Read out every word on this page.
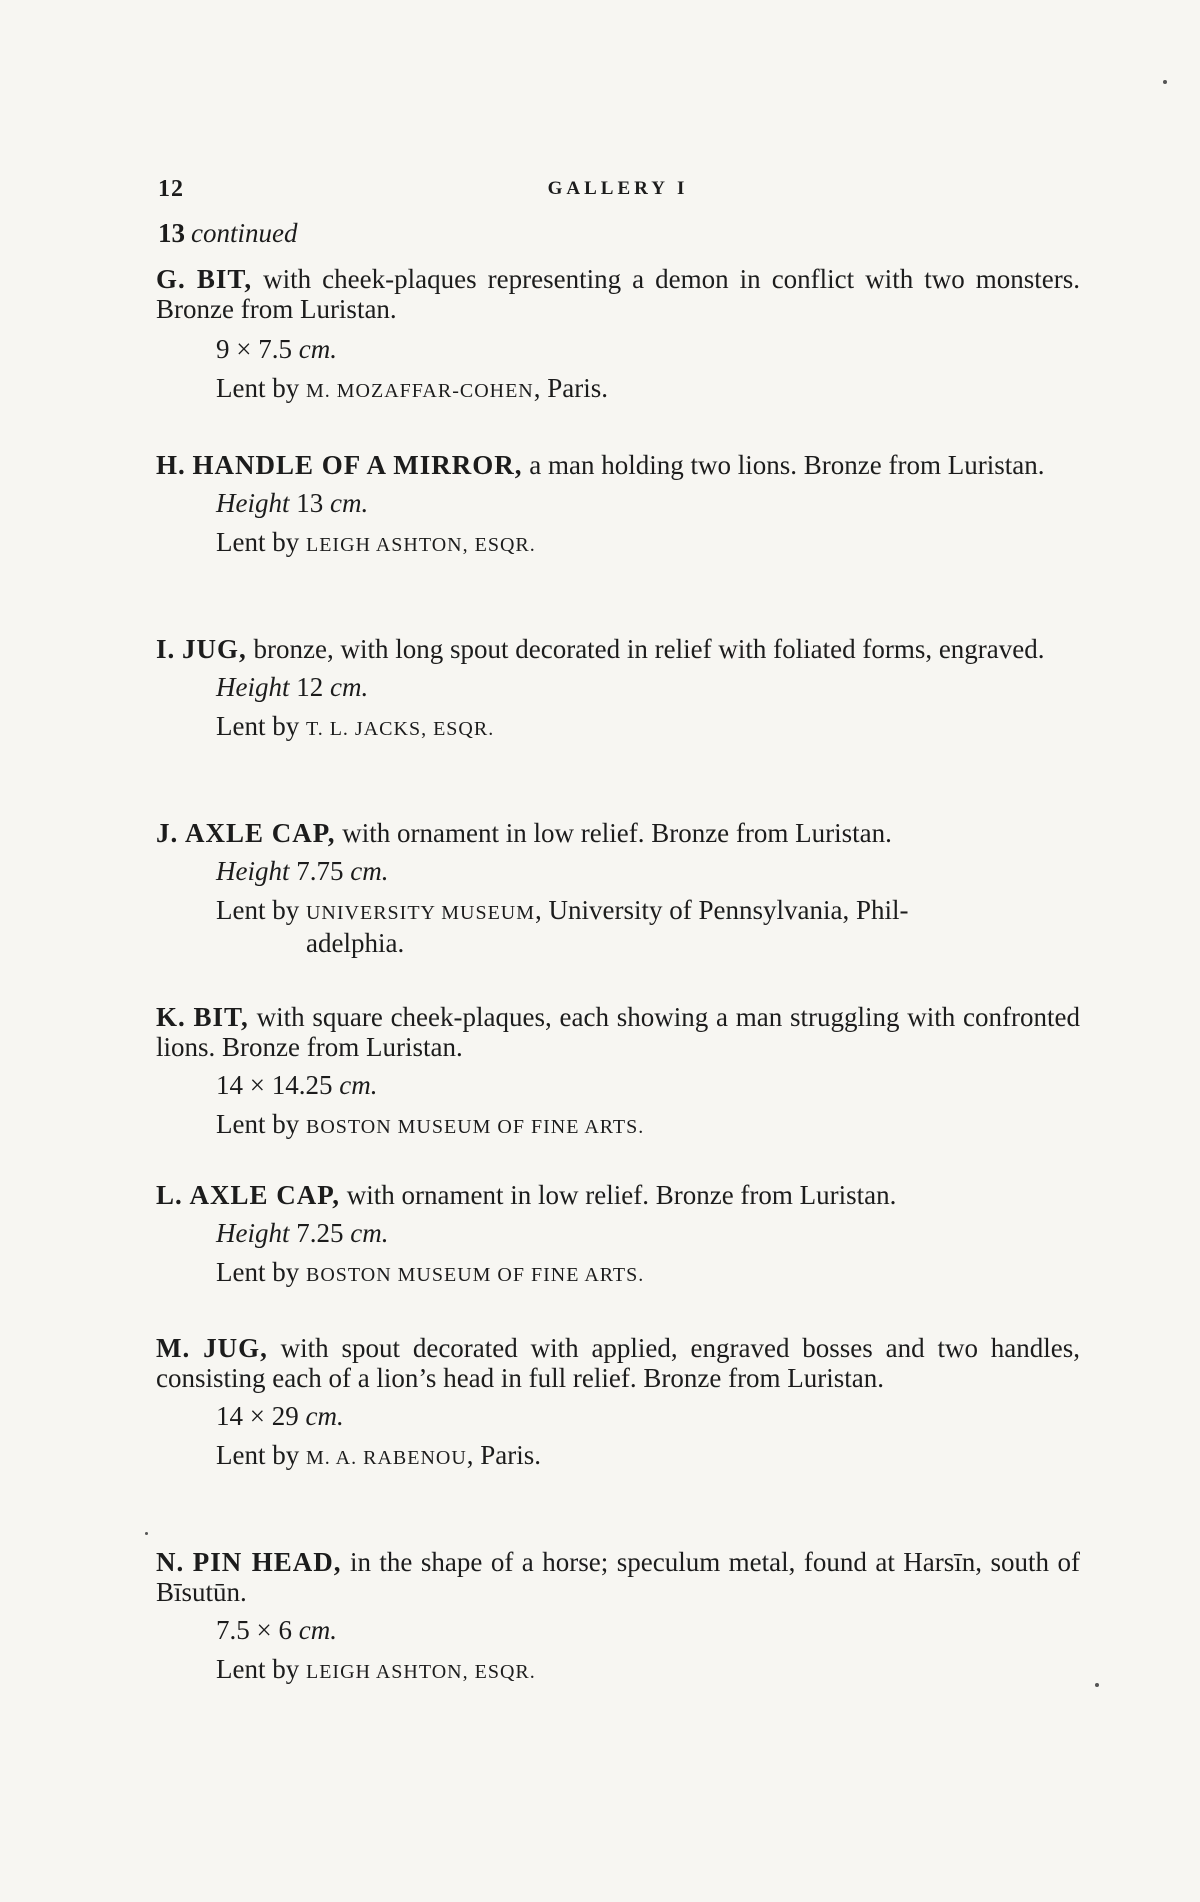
12	GALLERY I
13 continued
G. BIT, with cheek-plaques representing a demon in conflict with two monsters. Bronze from Luristan.
9 × 7.5 cm.
Lent by M. MOZAFFAR-COHEN, Paris.
H. HANDLE OF A MIRROR, a man holding two lions. Bronze from Luristan.
Height 13 cm.
Lent by LEIGH ASHTON, ESQR.
I. JUG, bronze, with long spout decorated in relief with foliated forms, engraved.
Height 12 cm.
Lent by T. L. JACKS, ESQR.
J. AXLE CAP, with ornament in low relief. Bronze from Luristan.
Height 7.75 cm.
Lent by UNIVERSITY MUSEUM, University of Pennsylvania, Phil-
adelphia.
K. BIT, with square cheek-plaques, each showing a man struggling with confronted lions. Bronze from Luristan.
14 × 14.25 cm.
Lent by BOSTON MUSEUM OF FINE ARTS.
L. AXLE CAP, with ornament in low relief. Bronze from Luristan.
Height 7.25 cm.
Lent by BOSTON MUSEUM OF FINE ARTS.
M. JUG, with spout decorated with applied, engraved bosses and two handles, consisting each of a lion’s head in full relief. Bronze from Luristan.
14 × 29 cm.
Lent by M. A. RABENOU, Paris.
N. PIN HEAD, in the shape of a horse; speculum metal, found at Harsīn, south of Bīsutūn.
7.5 × 6 cm.
Lent by LEIGH ASHTON, ESQR.
